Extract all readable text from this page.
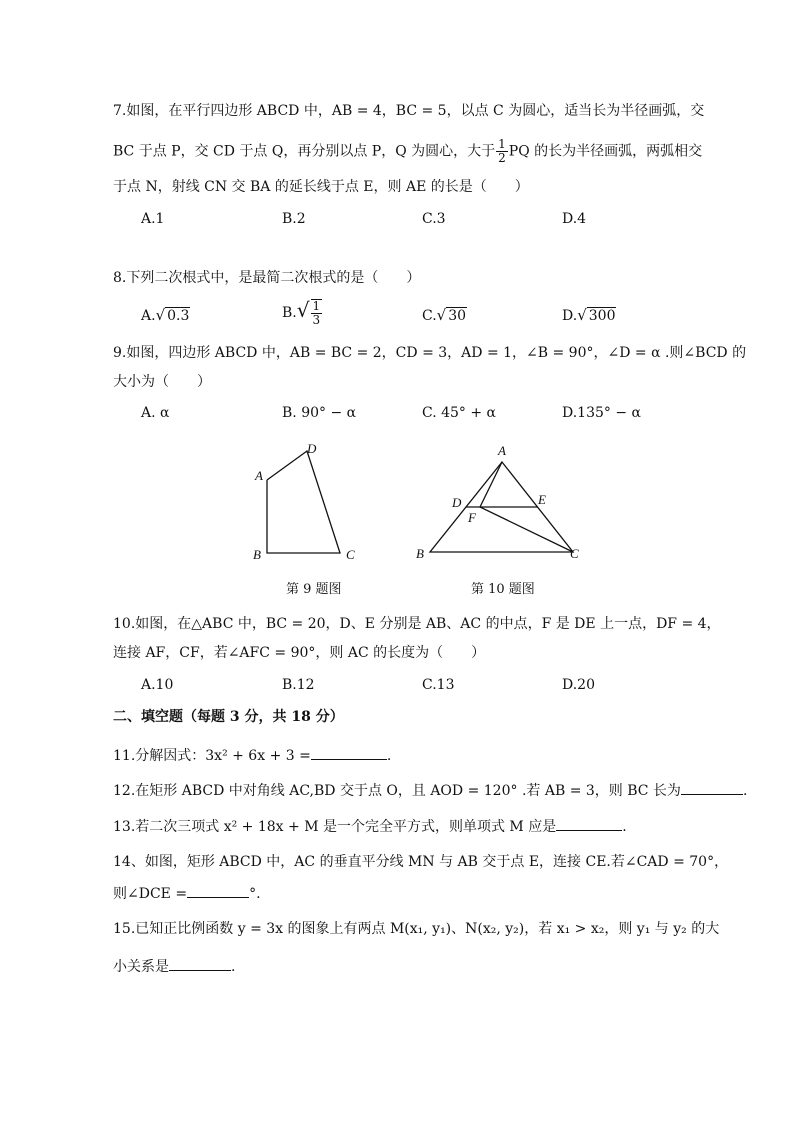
7.如图，在平行四边形 ABCD 中，AB = 4，BC = 5，以点 C 为圆心，适当长为半径画弧，交
BC 于点 P，交 CD 于点 Q，再分别以点 P，Q 为圆心，大于 $\frac{1}{2}$ PQ 的长为半径画弧，两弧相交
于点 N，射线 CN 交 BA 的延长线于点 E，则 AE 的长是（　　）
A.1	B.2	C.3	D.4
8.下列二次根式中，是最简二次根式的是（　　）
A.√ 0.3	$B.√ \frac{1}{3}$	C.√ 30	D.√ 300
9.如图，四边形 ABCD 中，AB = BC = 2，CD = 3，AD = 1，∠B = 90°，∠D = α .则∠BCD 的
大小为（　　）
A. α	B. 90° − α	C. 45° + α	D.135° − α
A
B	C
D	A
B	C
D	E
F
第 9 题图	第 10 题图
10.如图，在△ABC 中，BC = 20，D、E 分别是 AB、AC 的中点，F 是 DE 上一点，DF = 4，
连接 AF，CF，若∠AFC = 90°，则 AC 的长度为（　　）
A.10	B.12	C.13	D.20
二、填空题（每题 3 分，共 18 分）
11.分解因式：3x² + 6x + 3 =	.
12.在矩形 ABCD 中对角线 AC,BD 交于点 O，且 AOD = 120° .若 AB = 3，则 BC 长为	.
13.若二次三项式 x² + 18x + M 是一个完全平方式，则单项式 M 应是	.
14、如图，矩形 ABCD 中，AC 的垂直平分线 MN 与 AB 交于点 E，连接 CE.若∠CAD = 70°，
则∠DCE =	°.
15.已知正比例函数 y = 3x 的图象上有两点 M(x₁, y₁)、N(x₂, y₂)，若 x₁ > x₂，则 y₁ 与 y₂ 的大
小关系是	.
